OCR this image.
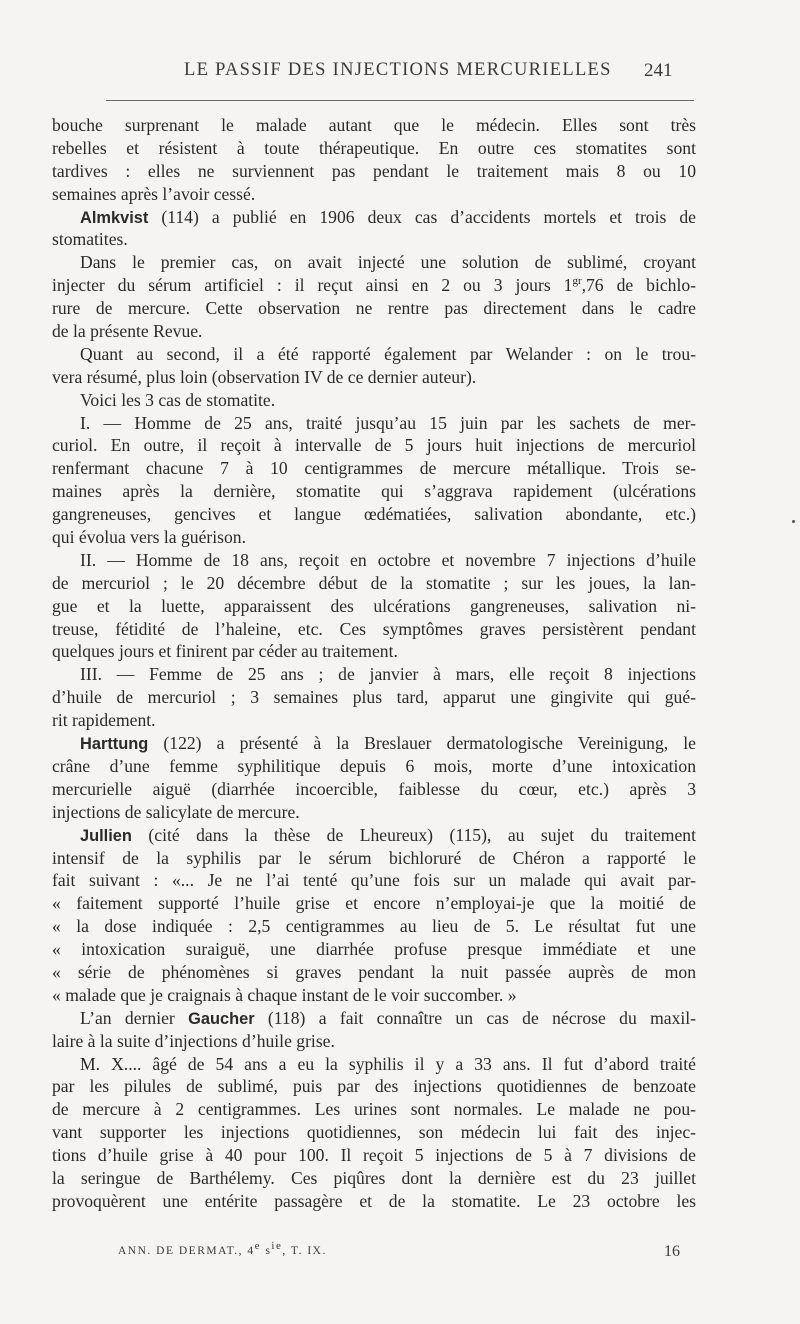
LE PASSIF DES INJECTIONS MERCURIELLES 241
bouche surprenant le malade autant que le médecin. Elles sont très
rebelles et résistent à toute thérapeutique. En outre ces stomatites sont
tardives : elles ne surviennent pas pendant le traitement mais 8 ou 10
semaines après l’avoir cessé.
Almkvist (114) a publié en 1906 deux cas d’accidents mortels et trois de
stomatites.
Dans le premier cas, on avait injecté une solution de sublimé, croyant
injecter du sérum artificiel : il reçut ainsi en 2 ou 3 jours $1^{gr},76$ de bichlo-
rure de mercure. Cette observation ne rentre pas directement dans le cadre
de la présente Revue.
Quant au second, il a été rapporté également par Welander : on le trou-
vera résumé, plus loin (observation IV de ce dernier auteur).
Voici les 3 cas de stomatite.
I. — Homme de 25 ans, traité jusqu’au 15 juin par les sachets de mer-
curiol. En outre, il reçoit à intervalle de 5 jours huit injections de mercuriol
renfermant chacune 7 à 10 centigrammes de mercure métallique. Trois se-
maines après la dernière, stomatite qui s’aggrava rapidement (ulcérations
gangreneuses, gencives et langue œdématiées, salivation abondante, etc.)
qui évolua vers la guérison.
II. — Homme de 18 ans, reçoit en octobre et novembre 7 injections d’huile
de mercuriol ; le 20 décembre début de la stomatite ; sur les joues, la lan-
gue et la luette, apparaissent des ulcérations gangreneuses, salivation ni-
treuse, fétidité de l’haleine, etc. Ces symptômes graves persistèrent pendant
quelques jours et finirent par céder au traitement.
III. — Femme de 25 ans ; de janvier à mars, elle reçoit 8 injections
d’huile de mercuriol ; 3 semaines plus tard, apparut une gingivite qui gué-
rit rapidement.
Harttung (122) a présenté à la Breslauer dermatologische Vereinigung, le
crâne d’une femme syphilitique depuis 6 mois, morte d’une intoxication
mercurielle aiguë (diarrhée incoercible, faiblesse du cœur, etc.) après 3
injections de salicylate de mercure.
Jullien (cité dans la thèse de Lheureux) (115), au sujet du traitement
intensif de la syphilis par le sérum bichloruré de Chéron a rapporté le
fait suivant : «... Je ne l’ai tenté qu’une fois sur un malade qui avait par-
« faitement supporté l’huile grise et encore n’employai-je que la moitié de
« la dose indiquée : 2,5 centigrammes au lieu de 5. Le résultat fut une
« intoxication suraiguë, une diarrhée profuse presque immédiate et une
« série de phénomènes si graves pendant la nuit passée auprès de mon
« malade que je craignais à chaque instant de le voir succomber. »
L’an dernier Gaucher (118) a fait connaître un cas de nécrose du maxil-
laire à la suite d’injections d’huile grise.
M. X.... âgé de 54 ans a eu la syphilis il y a 33 ans. Il fut d’abord traité
par les pilules de sublimé, puis par des injections quotidiennes de benzoate
de mercure à 2 centigrammes. Les urines sont normales. Le malade ne pou-
vant supporter les injections quotidiennes, son médecin lui fait des injec-
tions d’huile grise à 40 pour 100. Il reçoit 5 injections de 5 à 7 divisions de
la seringue de Barthélemy. Ces piqûres dont la dernière est du 23 juillet
provoquèrent une entérite passagère et de la stomatite. Le 23 octobre les
ANN. DE DERMAT., 4e sie, T. IX.	16
